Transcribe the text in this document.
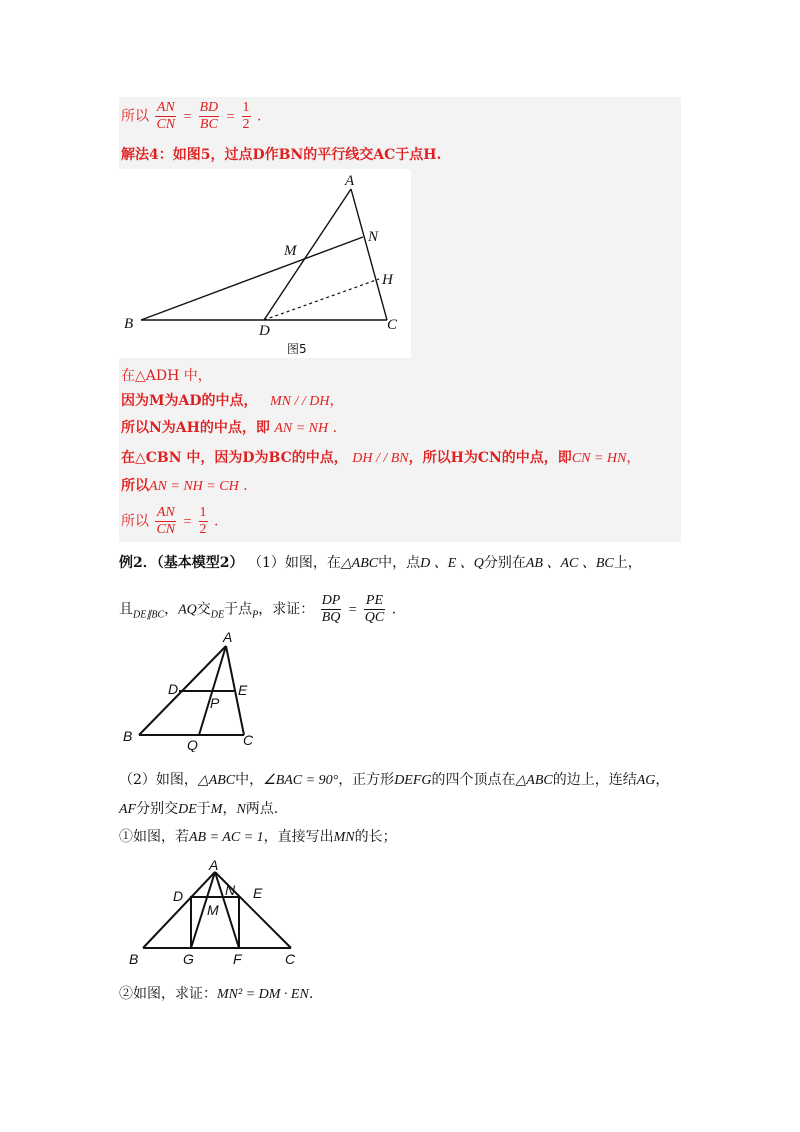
所以 $\frac{AN}{CN} = \frac{BD}{BC} = \frac{1}{2}$ .
解法4：如图5，过点D作BN的平行线交AC于点H.
A
N
M
H
B	D	C
图5
在△ADH 中，
因为M为AD的中点， MN / / DH，
所以N为AH的中点，即 AN = NH .
在△CBN 中，因为D为BC的中点， DH / / BN，所以H为CN的中点，即CN = HN，
所以AN = NH = CH .
所以 $\frac{AN}{CN} = \frac{1}{2}$ .
例2．（基本模型2） （1）如图，在△ABC中，点D 、E 、Q分别在AB 、AC 、BC上，
且$_{DE\parallel BC}$，AQ交$_{DE}$于点$_P$，求证： $\frac{DP}{BQ} = \frac{PE}{QC}$ .
A
D	E
P
B
Q	C
（2）如图，△ABC中，∠BAC = 90°，正方形DEFG的四个顶点在△ABC的边上，连结AG，
AF分别交DE于M，N两点.
①如图，若AB = AC = 1，直接写出MN的长；
A
D	N E
M
B	G	F	C
②如图，求证：MN² = DM · EN.
